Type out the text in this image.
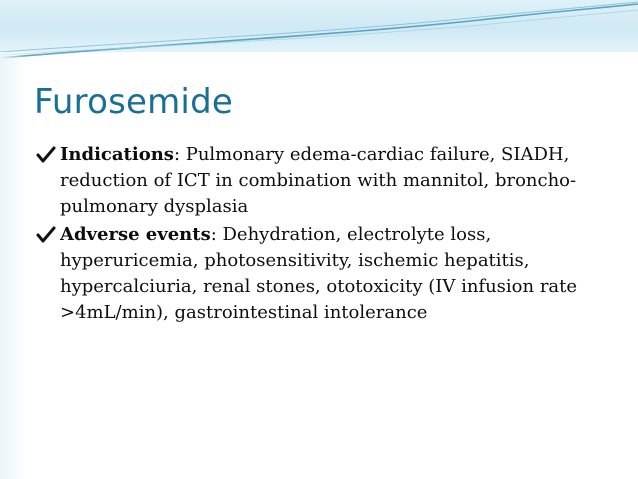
Furosemide
Indications: Pulmonary edema-cardiac failure, SIADH, reduction of ICT in combination with mannitol, broncho-pulmonary dysplasia
Adverse events: Dehydration, electrolyte loss, hyperuricemia, photosensitivity, ischemic hepatitis, hypercalciuria, renal stones, ototoxicity (IV infusion rate >4mL/min), gastrointestinal intolerance
